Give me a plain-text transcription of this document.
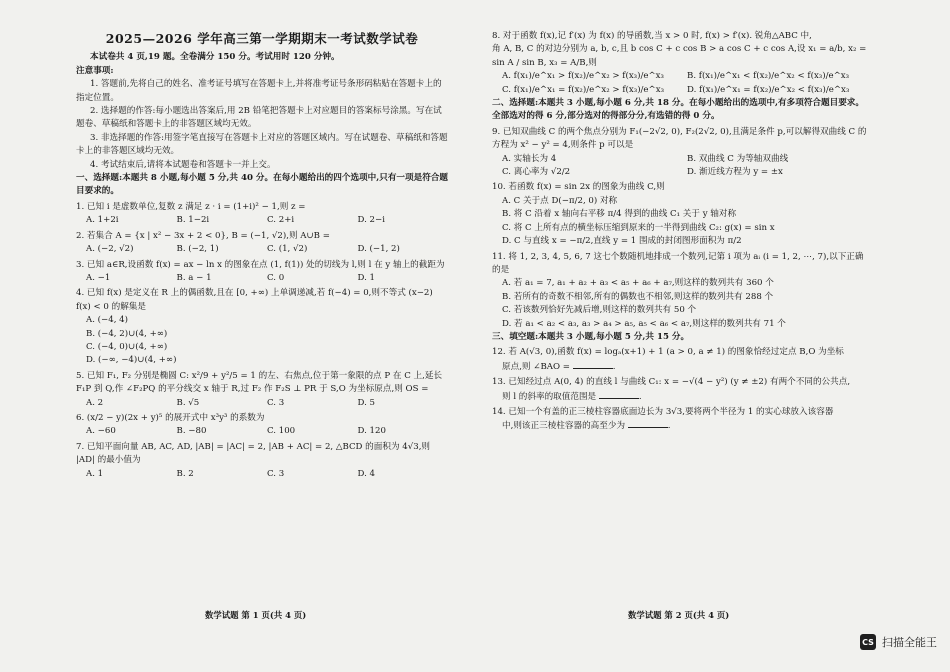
2025—2026 学年高三第一学期期末一考试数学试卷
本试卷共 4 页,19 题。全卷满分 150 分。考试用时 120 分钟。
注意事项:
1. 答题前,先将自己的姓名、准考证号填写在答题卡上,并将准考证号条形码粘贴在答题卡上的指定位置。
2. 选择题的作答:每小题选出答案后,用 2B 铅笔把答题卡上对应题目的答案标号涂黑。写在试题卷、草稿纸和答题卡上的非答题区域均无效。
3. 非选择题的作答:用签字笔直接写在答题卡上对应的答题区域内。写在试题卷、草稿纸和答题卡上的非答题区域均无效。
4. 考试结束后,请将本试题卷和答题卡一并上交。
一、选择题:本题共 8 小题,每小题 5 分,共 40 分。在每小题给出的四个选项中,只有一项是符合题目要求的。
1. 已知 i 是虚数单位,复数 z 满足 z · i = (1+i)² − 1,则 z =
A. 1+2i	B. 1−2i	C. 2+i	D. 2−i
2. 若集合 A = {x | x² − 3x + 2 < 0}, B = (−1, √2),则 A∪B =
A. (−2, √2)	B. (−2, 1)	C. (1, √2)	D. (−1, 2)
3. 已知 a∈R,设函数 f(x) = ax − ln x 的图象在点 (1, f(1)) 处的切线为 l,则 l 在 y 轴上的截距为
A. −1	B. a − 1	C. 0	D. 1
4. 已知 f(x) 是定义在 R 上的偶函数,且在 [0, +∞) 上单调递减,若 f(−4) = 0,则不等式 (x−2) f(x) < 0 的解集是
A. (−4, 4)
B. (−4, 2)∪(4, +∞)
C. (−4, 0)∪(4, +∞)
D. (−∞, −4)∪(4, +∞)
5. 已知 F₁, F₂ 分别是椭圆 C: x²/9 + y²/5 = 1 的左、右焦点,位于第一象限的点 P 在 C 上,延长 F₁P 到 Q,作 ∠F₂PQ 的平分线交 x 轴于 R,过 F₂ 作 F₂S ⊥ PR 于 S,O 为坐标原点,则 OS =
A. 2	B. √5	C. 3	D. 5
6. (x/2 − y)(2x + y)⁵ 的展开式中 x³y³ 的系数为
A. −60	B. −80	C. 100	D. 120
7. 已知平面向量 AB, AC, AD, |AB| = |AC| = 2, |AB + AC| = 2, △BCD 的面积为 4√3,则 |AD| 的最小值为
A. 1	B. 2	C. 3	D. 4
8. 对于函数 f(x),记 f′(x) 为 f(x) 的导函数,当 x > 0 时, f(x) > f′(x). 锐角△ABC 中,
角 A, B, C 的对边分别为 a, b, c,且 b cos C + c cos B > a cos C + c cos A,设 x₁ = a/b, x₂ =
sin A / sin B, x₃ = A/B,则
A. f(x₁)/e^x₁ > f(x₂)/e^x₂ > f(x₃)/e^x₃	B. f(x₁)/e^x₁ < f(x₂)/e^x₂ < f(x₃)/e^x₃
C. f(x₁)/e^x₁ = f(x₂)/e^x₂ > f(x₃)/e^x₃	D. f(x₁)/e^x₁ = f(x₂)/e^x₂ < f(x₃)/e^x₃
二、选择题:本题共 3 小题,每小题 6 分,共 18 分。在每小题给出的选项中,有多项符合题目要求。全部选对的得 6 分,部分选对的得部分分,有选错的得 0 分。
9. 已知双曲线 C 的两个焦点分别为 F₁(−2√2, 0), F₂(2√2, 0),且满足条件 p,可以解得双曲线 C 的方程为 x² − y² = 4,则条件 p 可以是
A. 实轴长为 4	B. 双曲线 C 为等轴双曲线
C. 离心率为 √2/2	D. 渐近线方程为 y = ±x
10. 若函数 f(x) = sin 2x 的图象为曲线 C,则
A. C 关于点 D(−π/2, 0) 对称
B. 将 C 沿着 x 轴向右平移 π/4 得到的曲线 C₁ 关于 y 轴对称
C. 将 C 上所有点的横坐标压缩到原来的一半得到曲线 C₂: g(x) = sin x
D. C 与直线 x = −π/2,直线 y = 1 围成的封闭图形面积为 π/2
11. 将 1, 2, 3, 4, 5, 6, 7 这七个数随机地排成一个数列,记第 i 项为 aᵢ (i = 1, 2, ⋯, 7),以下正确的是
A. 若 a₁ = 7, a₁ + a₂ + a₃ < a₅ + a₆ + a₇,则这样的数列共有 360 个
B. 若所有的奇数不相邻,所有的偶数也不相邻,则这样的数列共有 288 个
C. 若该数列恰好先减后增,则这样的数列共有 50 个
D. 若 a₁ < a₂ < a₃, a₃ > a₄ > a₅, a₅ < a₆ < a₇,则这样的数列共有 71 个
三、填空题:本题共 3 小题,每小题 5 分,共 15 分。
12. 若 A(√3, 0),函数 f(x) = logₐ(x+1) + 1 (a > 0, a ≠ 1) 的图象恰经过定点 B,O 为坐标
原点,则 ∠BAO =	.
13. 已知经过点 A(0, 4) 的直线 l 与曲线 C₁: x = −√(4 − y²) (y ≠ ±2) 有两个不同的公共点,
则 l 的斜率的取值范围是	.
14. 已知一个有盖的正三棱柱容器底面边长为 3√3,要将两个半径为 1 的实心球放入该容器
中,则该正三棱柱容器的高至少为	.
数学试题 第 1 页(共 4 页)	数学试题 第 2 页(共 4 页)
CS 扫描全能王
